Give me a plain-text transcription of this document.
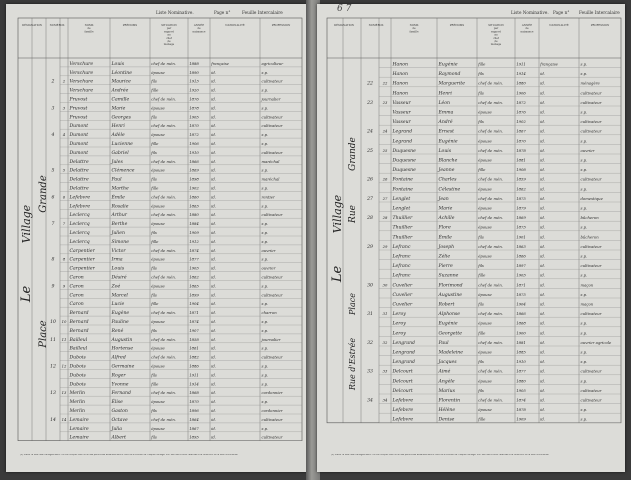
Liste Nominative.	Page n°	Feuille Intercalaire
DÉSIGNATION	NUMÉROS	NOMS de famille
PRÉNOMS	SITUATION par rapport au chef de ménage
ANNÉE de naissance
NATIONALITÉ	PROFESSION
Verschure	Louis	chef de mén.	1888	française	agriculteur
Verschure	Léontine	épouse	1890	id.	s.p.
2 2 Verschure	Maurice	fils	1913	id.	cultivateur
Verschure	Andrée	fille	1920	id.	s.p.
Pruvost	Camille	chef de mén.	1876	id.	journalier
3 3 Pruvost	Marie	épouse	1878	id.	s.p.
Pruvost	Georges	fils	1905	id.	cultivateur
Dumont	Henri	chef de mén.	1870	id.	cultivateur
4 4 Dumont	Adèle	épouse	1872	id.	s.p.
Dumont	Lucienne	fille	1906	id.	s.p.
Dumont	Gabriel	fils	1910	id.	cultivateur
Delattre	Jules	chef de mén.	1866	id.	maréchal
5 5 Delattre	Clémence	épouse	1869	id.	s.p.
Delattre	Paul	fils	1898	id.	maréchal
Delattre	Marthe	fille	1902	id.	s.p.
6 6 Lefebvre	Émile	chef de mén.	1860	id.	rentier
Lefebvre	Rosalie	épouse	1863	id.	s.p.
Leclercq	Arthur	chef de mén.	1880	id.	cultivateur
7 7 Leclercq	Berthe	épouse	1884	id.	s.p.
Leclercq	Julien	fils	1909	id.	s.p.
Leclercq	Simone	fille	1912	id.	s.p.
Carpentier	Victor	chef de mén.	1874	id.	ouvrier
8 8 Carpentier	Irma	épouse	1877	id.	s.p.
Carpentier	Louis	fils	1903	id.	ouvrier
Caron	Désiré	chef de mén.	1862	id.	cultivateur
9 9 Caron	Zoé	épouse	1865	id.	s.p.
Caron	Marcel	fils	1899	id.	cultivateur
Caron	Lucie	fille	1904	id.	s.p.
Bernard	Eugène	chef de mén.	1871	id.	charron
10 10 Bernard	Pauline	épouse	1874	id.	s.p.
Bernard	René	fils	1907	id.	s.p.
11 11 Bailleul	Augustin	chef de mén.	1858	id.	journalier
Bailleul	Hortense	épouse	1861	id.	s.p.
Dubois	Alfred	chef de mén.	1882	id.	cultivateur
12 12 Dubois	Germaine	épouse	1886	id.	s.p.
Dubois	Roger	fils	1911	id.	s.p.
Dubois	Yvonne	fille	1914	id.	s.p.
13 13 Merlin	Fernand	chef de mén.	1868	id.	cordonnier
Merlin	Élise	épouse	1870	id.	s.p.
Merlin	Gaston	fils	1896	id.	cordonnier
14 14 Lemaire	Octave	chef de mén.	1864	id.	cultivateur
Lemaire	Julia	épouse	1867	id.	s.p.
Lemaire	Albert	fils	1895	id.	cultivateur
Le
Village
Place
Grande
(1) Placer la liste des ménages selon l'ordre indiqué. Les noms des personnes absentes seront inscrits à la suite de chaque ménage. Voir les instructions relatives à la rédaction de la liste nominative.
6 7	Liste Nominative. Page n° Feuille Intercalaire
DÉSIGNATION	NUMÉROS	NOMS de famille
PRÉNOMS	SITUATION par rapport au chef de ménage
ANNÉE de naissance
NATIONALITÉ	PROFESSION
Hanon	Eugénie	fille	1911	française	s.p.
Hanon	Raymond	fils	1914	id.	s.p.
22	22 Hanon	Marguerite	chef de mén.	1880	id.	ménagère
Hanon	Henri	fils	1906	id.	cultivateur
23	23 Vasseur	Léon	chef de mén.	1872	id.	cultivateur
Vasseur	Emma	épouse	1876	id.	s.p.
Vasseur	André	fils	1902	id.	cultivateur
24	24 Legrand	Ernest	chef de mén.	1867	id.	cultivateur
Legrand	Eugénie	épouse	1870	id.	s.p.
25	25 Duquesne	Louis	chef de mén.	1878	id.	ouvrier
Duquesne	Blanche	épouse	1881	id.	s.p.
Duquesne	Jeanne	fille	1908	id.	s.p.
26	26 Fontaine	Charles	chef de mén.	1859	id.	cultivateur
Fontaine	Célestine	épouse	1862	id.	s.p.
27	27 Lenglet	Jean	chef de mén.	1875	id.	domestique
Lenglet	Marie	épouse	1879	id.	s.p.
28	28 Thuillier	Achille	chef de mén.	1869	id.	bûcheron
Thuillier	Flore	épouse	1873	id.	s.p.
Thuillier	Émile	fils	1901	id.	bûcheron
29	29 Lefranc	Joseph	chef de mén.	1863	id.	cultivateur
Lefranc	Zélie	épouse	1866	id.	s.p.
Lefranc	Pierre	fils	1897	id.	cultivateur
Lefranc	Suzanne	fille	1903	id.	s.p.
30	30 Cuvelier	Florimond	chef de mén.	1871	id.	maçon
Cuvelier	Augustine	épouse	1875	id.	s.p.
Cuvelier	Robert	fils	1904	id.	maçon
31	31 Leroy	Alphonse	chef de mén.	1866	id.	cultivateur
Leroy	Eugénie	épouse	1868	id.	s.p.
Leroy	Georgette	fille	1900	id.	s.p.
32	32 Lengrand	Paul	chef de mén.	1881	id.	ouvrier agricole
Lengrand	Madeleine	épouse	1885	id.	s.p.
Lengrand	Jacques	fils	1910	id.	s.p.
33	33 Delcourt	Aimé	chef de mén.	1877	id.	cultivateur
Delcourt	Angèle	épouse	1880	id.	s.p.
Delcourt	Marius	fils	1905	id.	cultivateur
34	34 Lefebvre	Florentin	chef de mén.	1874	id.	cultivateur
Lefebvre	Hélène	épouse	1878	id.	s.p.
Lefebvre	Denise	fille	1909	id.	s.p.
Le
Village Rue
Grande
Place
Rue d'Estrée
(1) Placer la liste des ménages selon l'ordre indiqué. Les noms des personnes absentes seront inscrits à la suite de chaque ménage. Voir les instructions relatives à la rédaction de la liste nominative.
